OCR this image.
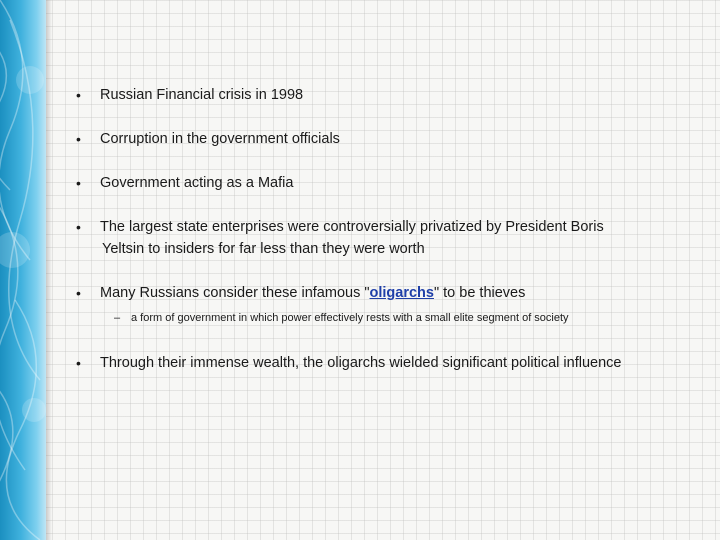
• Russian Financial crisis in 1998
• Corruption in the government officials
• Government acting as a Mafia
• The largest state enterprises were controversially privatized by President Boris
Yeltsin to insiders for far less than they were worth
• Many Russians consider these infamous "oligarchs" to be thieves
– a form of government in which power effectively rests with a small elite segment of society
• Through their immense wealth, the oligarchs wielded significant political influence
